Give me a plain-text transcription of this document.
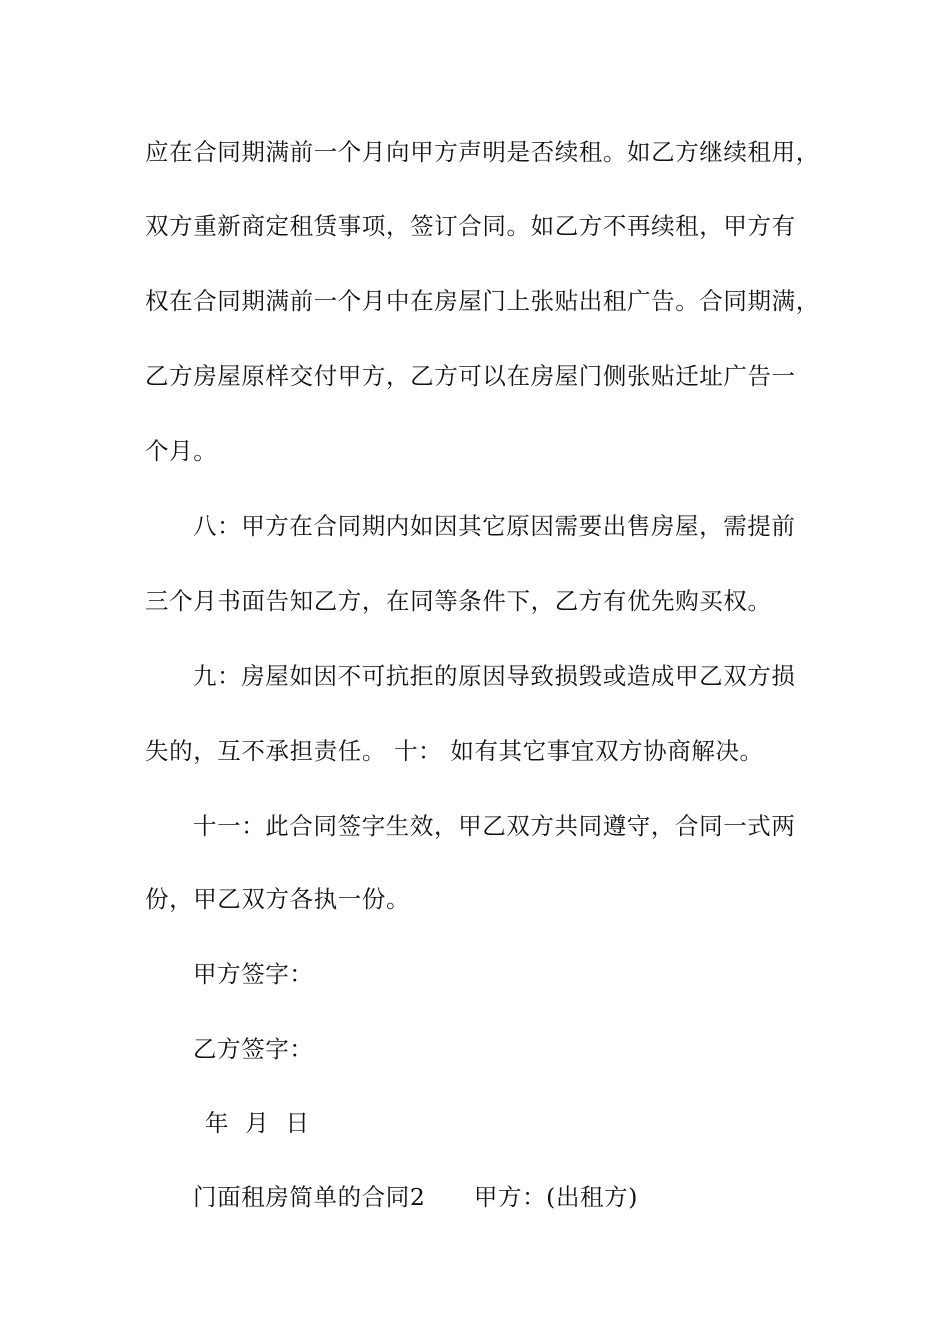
应在合同期满前一个月向甲方声明是否续租。如乙方继续租用，
双方重新商定租赁事项，签订合同。如乙方不再续租，甲方有
权在合同期满前一个月中在房屋门上张贴出租广告。合同期满，
乙方房屋原样交付甲方，乙方可以在房屋门侧张贴迁址广告一
个月。
八：甲方在合同期内如因其它原因需要出售房屋，需提前
三个月书面告知乙方，在同等条件下，乙方有优先购买权。
九：房屋如因不可抗拒的原因导致损毁或造成甲乙双方损
失的，互不承担责任。 十： 如有其它事宜双方协商解决。
十一：此合同签字生效，甲乙双方共同遵守，合同一式两
份，甲乙双方各执一份。
甲方签字：
乙方签字：
年  月  日
门面租房简单的合同2      甲方：(出租方)
